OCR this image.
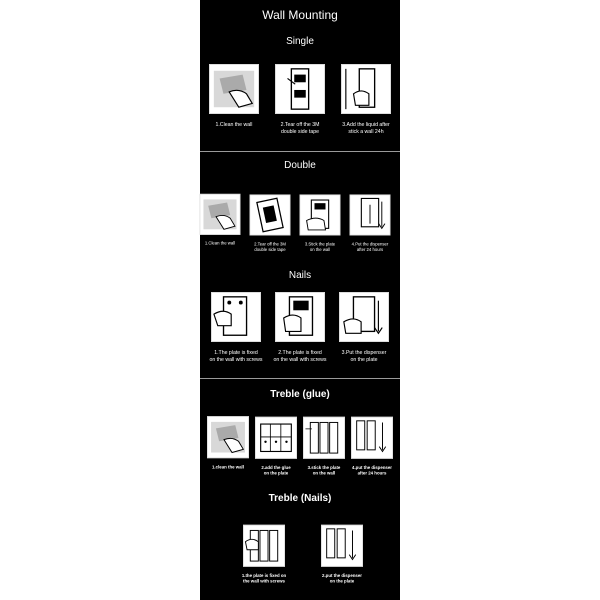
Wall Mounting
Single
1.Clean the wall	2.Tear off the 3M
double side tape
3.Add the liquid after
stick a wall 24h
Double
1.Clean the wall	2.Tear off the 3M
double side tape
3.Stick the plate
on the wall
4.Put the dispenser
after 24 hours
Nails
1.The plate is fixed
on the wall with screws
2.The plate is fixed
on the wall with screws
3.Put the dispenser
on the plate
Treble (glue)
1.clean the wall	2.add the glue
on the plate
3.stick the plate
on the wall
4.put the dispenser
after 24 hours
Treble (Nails)
1.the plate is fixed on
the wall with screws
2.put the dispenser
on the plate
